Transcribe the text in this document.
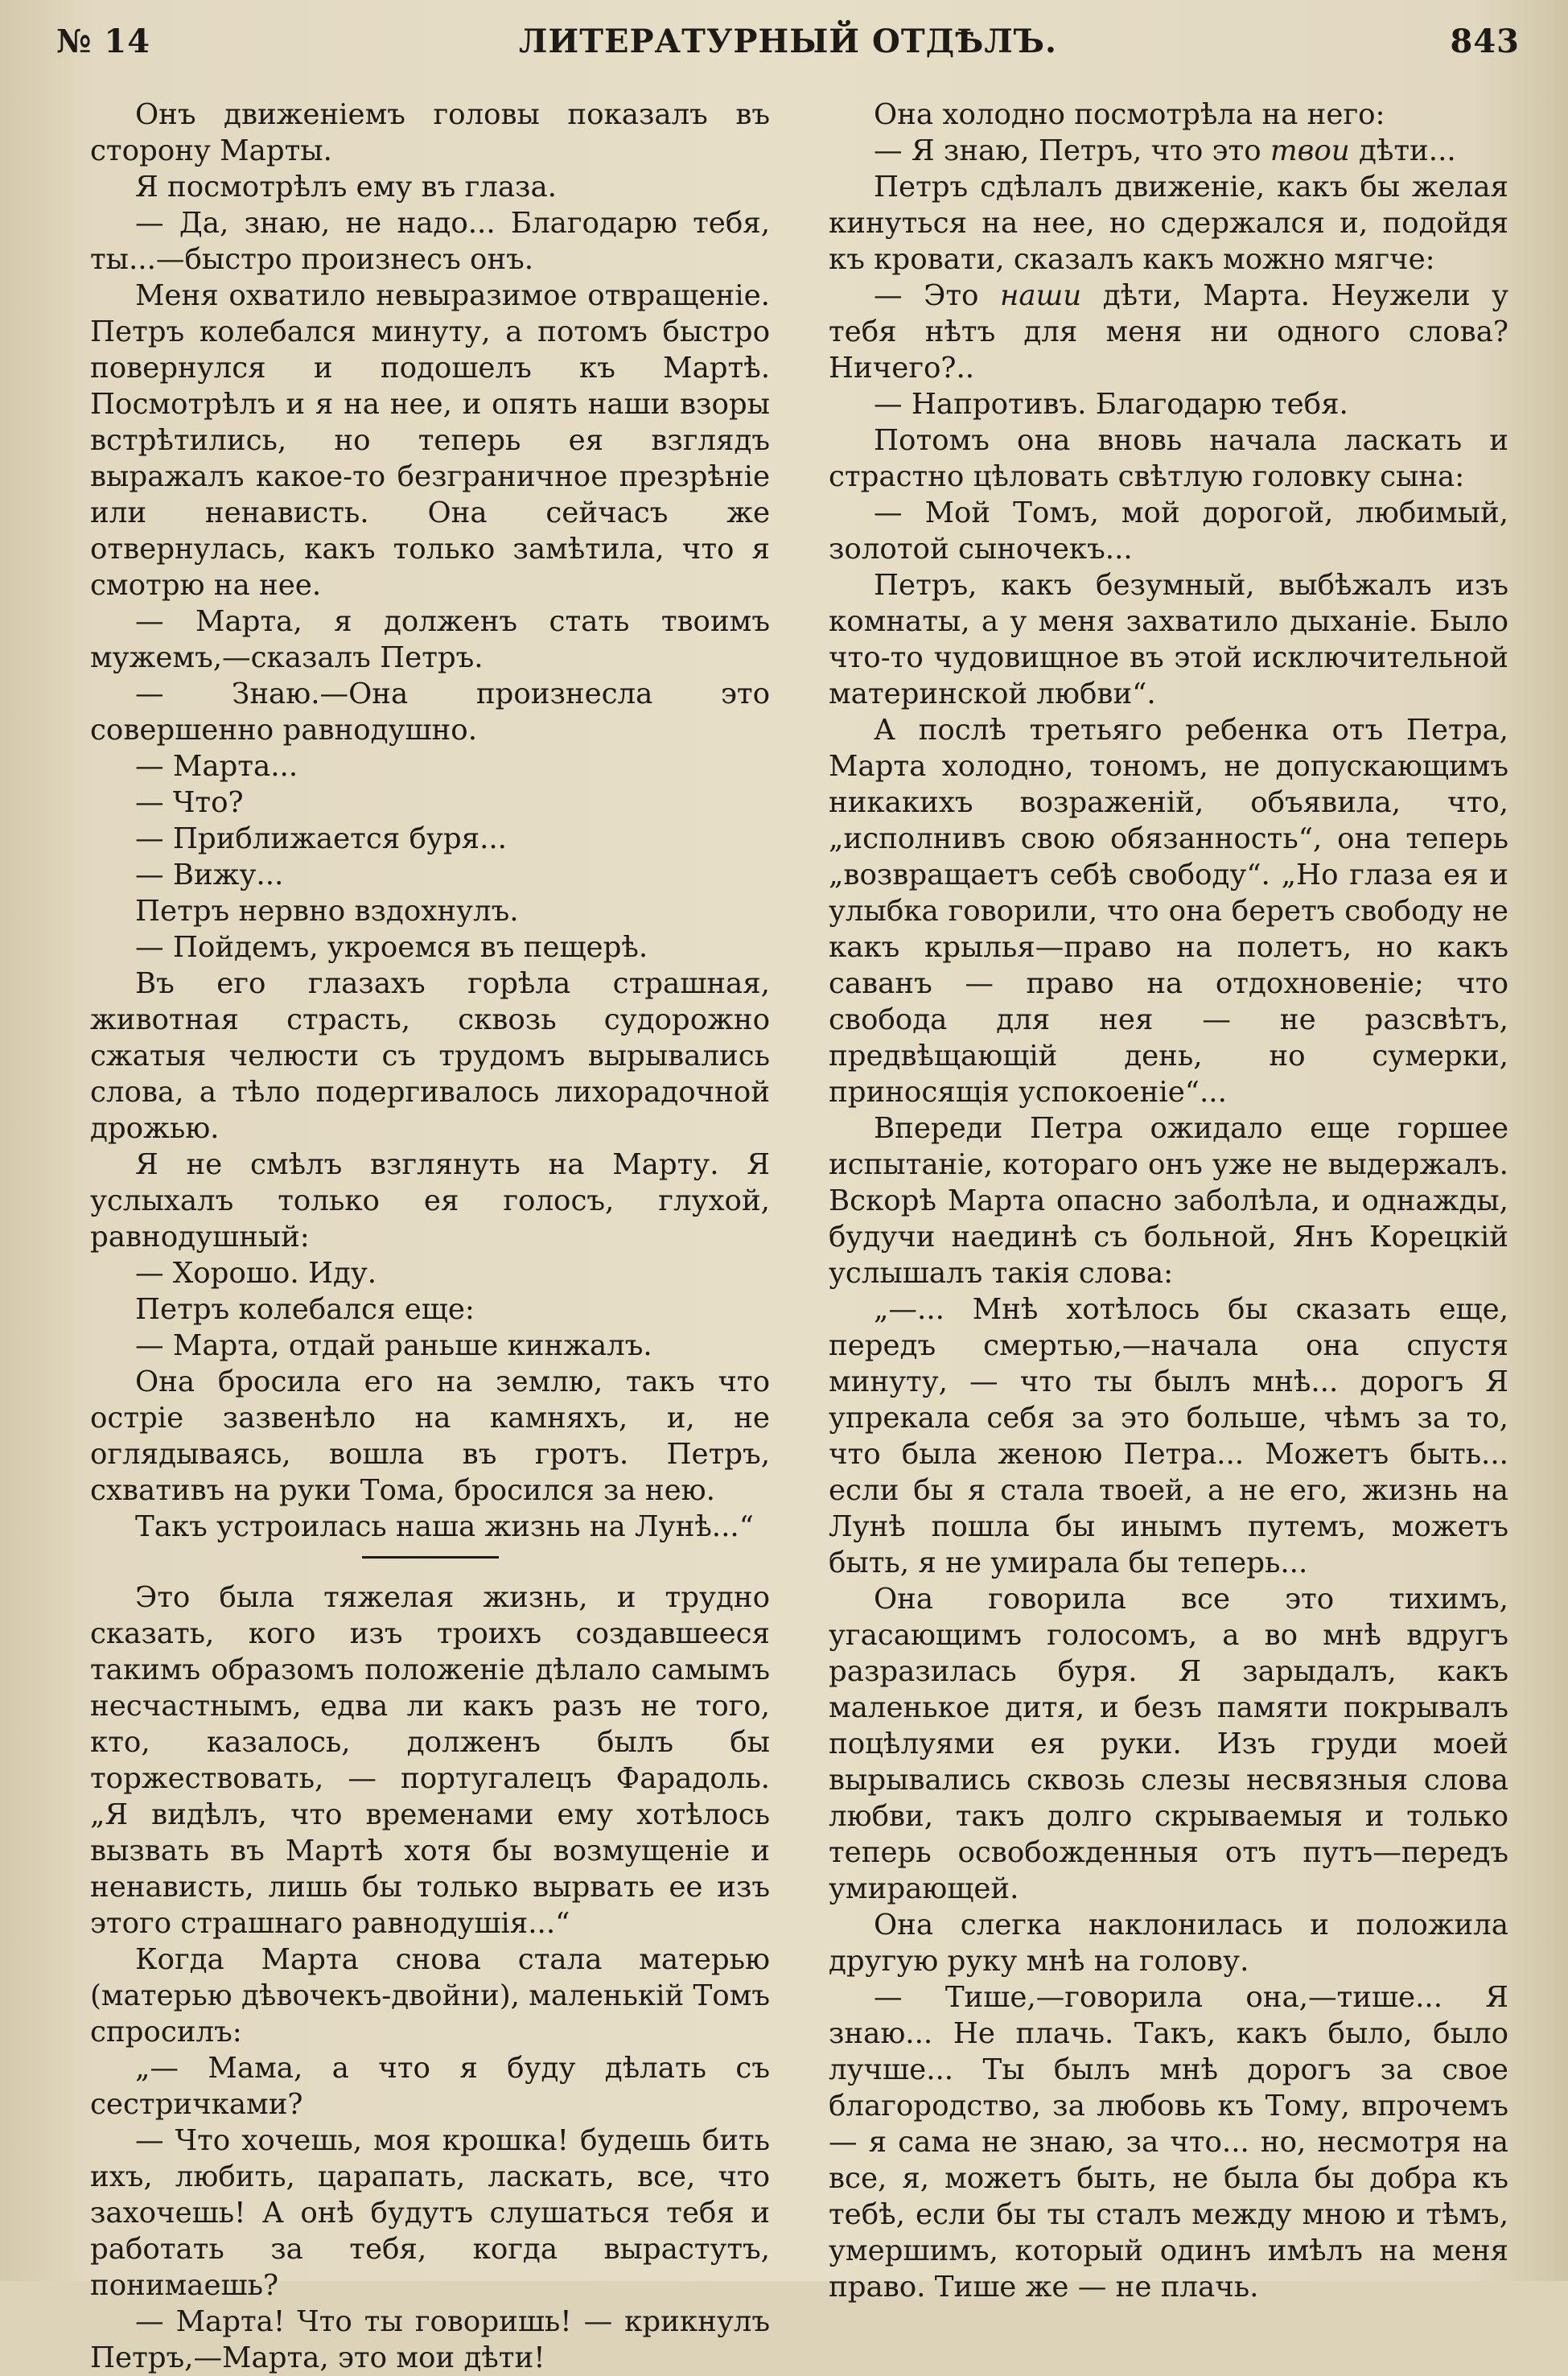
№ 14	ЛИТЕРАТУРНЫЙ ОТДѢЛЪ.	843

Онъ движеніемъ головы показалъ въ сторону Марты.

Я посмотрѣлъ ему въ глаза.

— Да, знаю, не надо... Благодарю тебя, ты...—быстро произнесъ онъ.

Меня охватило невыразимое отвращеніе. Петръ колебался минуту, а потомъ быстро повернулся и подошелъ къ Мартѣ. Посмотрѣлъ и я на нее, и опять наши взоры встрѣтились, но теперь ея взглядъ выражалъ какое-то безграничное презрѣніе или ненависть. Она сейчасъ же отвернулась, какъ только замѣтила, что я смотрю на нее.

— Марта, я долженъ стать твоимъ мужемъ,—сказалъ Петръ.

— Знаю.—Она произнесла это совершенно равнодушно.

— Марта...

— Что?

— Приближается буря...

— Вижу...

Петръ нервно вздохнулъ.

— Пойдемъ, укроемся въ пещерѣ.

Въ его глазахъ горѣла страшная, животная страсть, сквозь судорожно сжатыя челюсти съ трудомъ вырывались слова, а тѣло подергивалось лихорадочной дрожью.

Я не смѣлъ взглянуть на Марту. Я услыхалъ только ея голосъ, глухой, равнодушный:

— Хорошо. Иду.

Петръ колебался еще:

— Марта, отдай раньше кинжалъ.

Она бросила его на землю, такъ что остріе зазвенѣло на камняхъ, и, не оглядываясь, вошла въ гротъ. Петръ, схвативъ на руки Тома, бросился за нею.

Такъ устроилась наша жизнь на Лунѣ...“

Это была тяжелая жизнь, и трудно сказать, кого изъ троихъ создавшееся такимъ образомъ положеніе дѣлало самымъ несчастнымъ, едва ли какъ разъ не того, кто, казалось, долженъ былъ бы торжествовать, — португалецъ Фарадоль. „Я видѣлъ, что временами ему хотѣлось вызвать въ Мартѣ хотя бы возмущеніе и ненависть, лишь бы только вырвать ее изъ этого страшнаго равнодушія...“

Когда Марта снова стала матерью (матерью дѣвочекъ-двойни), маленькій Томъ спросилъ:

„— Мама, а что я буду дѣлать съ сестричками?

— Что хочешь, моя крошка! будешь бить ихъ, любить, царапать, ласкать, все, что захочешь! А онѣ будутъ слушаться тебя и работать за тебя, когда вырастутъ, понимаешь?

— Марта! Что ты говоришь! — крикнулъ Петръ,—Марта, это мои дѣти!

Она холодно посмотрѣла на него:

— Я знаю, Петръ, что это твои дѣти...

Петръ сдѣлалъ движеніе, какъ бы желая кинуться на нее, но сдержался и, подойдя къ кровати, сказалъ какъ можно мягче:

— Это наши дѣти, Марта. Неужели у тебя нѣтъ для меня ни одного слова? Ничего?..

— Напротивъ. Благодарю тебя.

Потомъ она вновь начала ласкать и страстно цѣловать свѣтлую головку сына:

— Мой Томъ, мой дорогой, любимый, золотой сыночекъ...

Петръ, какъ безумный, выбѣжалъ изъ комнаты, а у меня захватило дыханіе. Было что-то чудовищное въ этой исключительной материнской любви“.

А послѣ третьяго ребенка отъ Петра, Марта холодно, тономъ, не допускающимъ никакихъ возраженій, объявила, что, „исполнивъ свою обязанность“, она теперь „возвращаетъ себѣ свободу“. „Но глаза ея и улыбка говорили, что она беретъ свободу не какъ крылья—право на полетъ, но какъ саванъ — право на отдохновеніе; что свобода для нея — не разсвѣтъ, предвѣщающій день, но сумерки, приносящія успокоеніе“...

Впереди Петра ожидало еще горшее испытаніе, котораго онъ уже не выдержалъ. Вскорѣ Марта опасно заболѣла, и однажды, будучи наединѣ съ больной, Янъ Корецкій услышалъ такія слова:

„—... Мнѣ хотѣлось бы сказать еще, передъ смертью,—начала она спустя минуту, — что ты былъ мнѣ... дорогъ Я упрекала себя за это больше, чѣмъ за то, что была женою Петра... Можетъ быть... если бы я стала твоей, а не его, жизнь на Лунѣ пошла бы инымъ путемъ, можетъ быть, я не умирала бы теперь...

Она говорила все это тихимъ, угасающимъ голосомъ, а во мнѣ вдругъ разразилась буря. Я зарыдалъ, какъ маленькое дитя, и безъ памяти покрывалъ поцѣлуями ея руки. Изъ груди моей вырывались сквозь слезы несвязныя слова любви, такъ долго скрываемыя и только теперь освобожденныя отъ путъ—передъ умирающей.

Она слегка наклонилась и положила другую руку мнѣ на голову.

— Тише,—говорила она,—тише... Я знаю... Не плачь. Такъ, какъ было, было лучше... Ты былъ мнѣ дорогъ за свое благородство, за любовь къ Тому, впрочемъ — я сама не знаю, за что... но, несмотря на все, я, можетъ быть, не была бы добра къ тебѣ, если бы ты сталъ между мною и тѣмъ, умершимъ, который одинъ имѣлъ на меня право. Тише же — не плачь.
